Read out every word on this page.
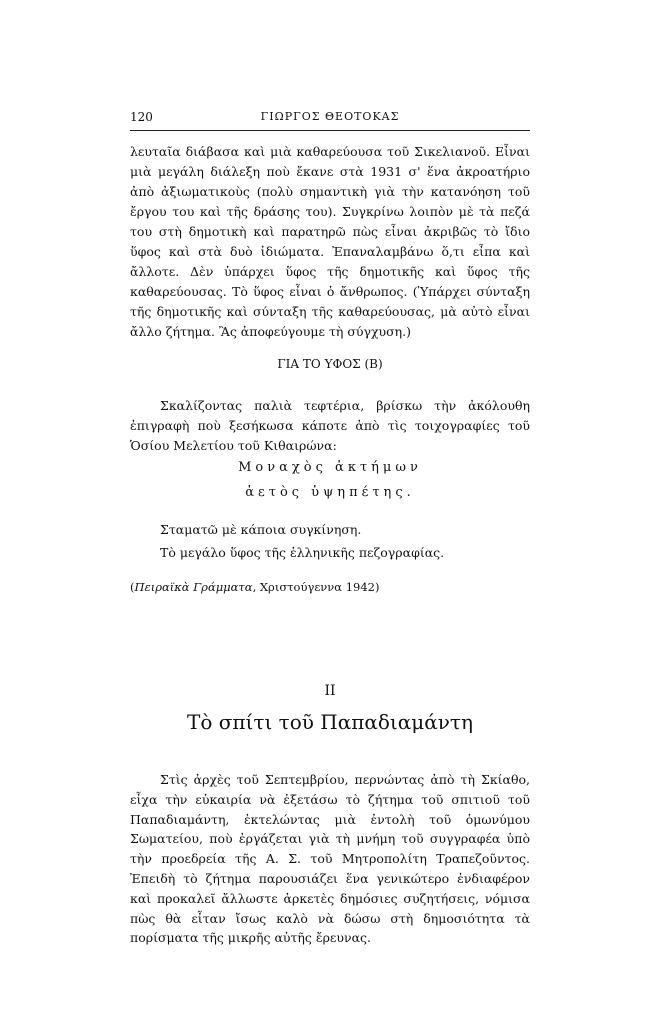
120	ΓΙΩΡΓΟΣ ΘΕΟΤΟΚΑΣ
λευταῖα διάβασα καὶ μιὰ καθαρεύουσα τοῦ Σικελιανοῦ. Εἶναι μιὰ μεγάλη διάλεξη ποὺ ἔκανε στὰ 1931 σ' ἕνα ἀκροατήριο ἀπὸ ἀξιωματικοὺς (πολὺ σημαντικὴ γιὰ τὴν κατανόηση τοῦ ἔργου του καὶ τῆς δράσης του). Συγκρίνω λοιπὸν μὲ τὰ πεζά του στὴ δημοτικὴ καὶ παρατηρῶ πὼς εἶναι ἀκριβῶς τὸ ἴδιο ὕφος καὶ στὰ δυὸ ἰδιώματα. Ἐπαναλαμβάνω ὅ,τι εἶπα καὶ ἄλλοτε. Δὲν ὑπάρχει ὕφος τῆς δημοτικῆς καὶ ὕφος τῆς καθαρεύουσας. Τὸ ὕφος εἶναι ὁ ἄνθρωπος. (Ὑπάρχει σύνταξη τῆς δημοτικῆς καὶ σύνταξη τῆς καθαρεύουσας, μὰ αὐτὸ εἶναι ἄλλο ζήτημα. Ἂς ἀποφεύγουμε τὴ σύγχυση.)
ΓΙΑ ΤΟ ΥΦΟΣ (Β)
Σκαλίζοντας παλιὰ τεφτέρια, βρίσκω τὴν ἀκόλουθη ἐπιγραφὴ ποὺ ξεσήκωσα κάποτε ἀπὸ τὶς τοιχογραφίες τοῦ Ὁσίου Μελετίου τοῦ Κιθαιρώνα:
Μοναχὸς ἀκτήμων
ἀετὸς ὑψηπέτης.
Σταματῶ μὲ κάποια συγκίνηση.
Τὸ μεγάλο ὕφος τῆς ἑλληνικῆς πεζογραφίας.
(Πειραϊκὰ Γράμματα, Χριστούγεννα 1942)
II
Τὸ σπίτι τοῦ Παπαδιαμάντη
Στὶς ἀρχὲς τοῦ Σεπτεμβρίου, περνώντας ἀπὸ τὴ Σκίαθο, εἶχα τὴν εὐκαιρία νὰ ἐξετάσω τὸ ζήτημα τοῦ σπιτιοῦ τοῦ Παπαδιαμάντη, ἐκτελώντας μιὰ ἐντολὴ τοῦ ὁμωνύμου Σωματείου, ποὺ ἐργάζεται γιὰ τὴ μνήμη τοῦ συγγραφέα ὑπὸ τὴν προεδρεία τῆς Α. Σ. τοῦ Μητροπολίτη Τραπεζοῦντος. Ἐπειδὴ τὸ ζήτημα παρουσιάζει ἕνα γενικώτερο ἐνδιαφέρον καὶ προκαλεῖ ἄλλωστε ἀρκετὲς δημόσιες συζητήσεις, νόμισα πὼς θὰ εἶταν ἴσως καλὸ νὰ δώσω στὴ δημοσιότητα τὰ πορίσματα τῆς μικρῆς αὐτῆς ἔρευνας.
